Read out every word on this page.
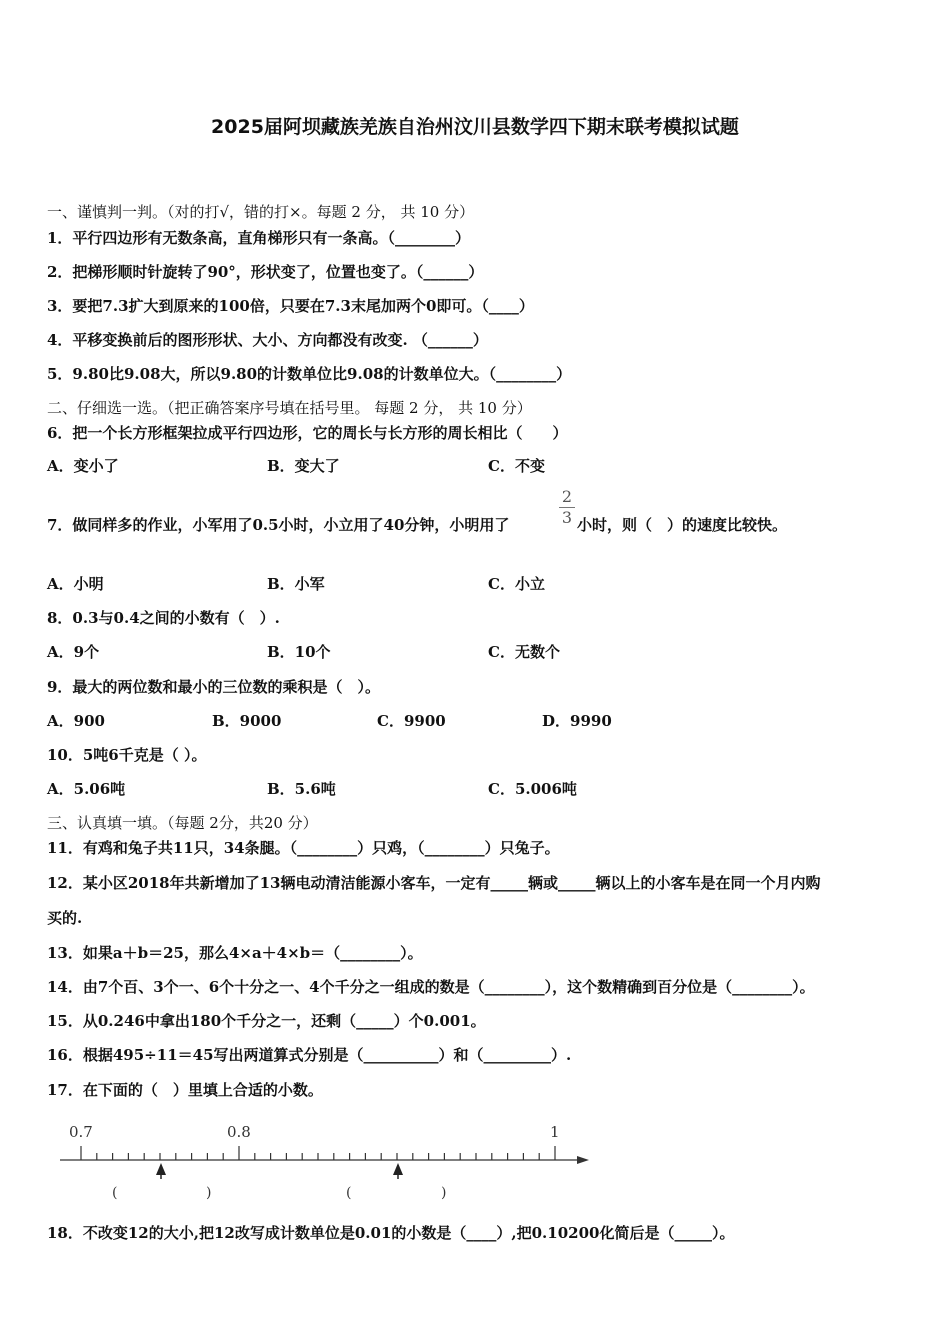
2025届阿坝藏族羌族自治州汶川县数学四下期末联考模拟试题
一、谨慎判一判。（对的打√，错的打×。每题 2 分， 共 10 分）
1．平行四边形有无数条高，直角梯形只有一条高。（________）
2．把梯形顺时针旋转了90°，形状变了，位置也变了。（______）
3．要把7.3扩大到原来的100倍，只要在7.3末尾加两个0即可。（____）
4．平移变换前后的图形形状、大小、方向都没有改变. （______）
5．9.80比9.08大，所以9.80的计数单位比9.08的计数单位大。（________）
二、仔细选一选。（把正确答案序号填在括号里。 每题 2 分， 共 10 分）
6．把一个长方形框架拉成平行四边形，它的周长与长方形的周长相比（　　）
A．变小了	B．变大了	C．不变
7．做同样多的作业，小军用了0.5小时，小立用了40分钟，小明用了
2
3 小时，则（　）的速度比较快。
A．小明	B．小军	C．小立
8．0.3与0.4之间的小数有（　）.
A．9个	B．10个	C．无数个
9．最大的两位数和最小的三位数的乘积是（　）。
A．900	B．9000	C．9900	D．9990
10．5吨6千克是（ ）。
A．5.06吨	B．5.6吨	C．5.006吨
三、认真填一填。（每题 2分，共20 分）
11．有鸡和兔子共11只，34条腿。（________）只鸡，（________）只兔子。
12．某小区2018年共新增加了13辆电动清洁能源小客车，一定有_____辆或_____辆以上的小客车是在同一个月内购
买的.
13．如果a＋b＝25，那么4×a＋4×b＝（________）。
14．由7个百、3个一、6个十分之一、4个千分之一组成的数是（________），这个数精确到百分位是（________）。
15．从0.246中拿出180个千分之一，还剩（_____）个0.001。
16．根据495÷11＝45写出两道算式分别是（__________）和（_________）.
17．在下面的（　）里填上合适的小数。
0.7	0.8	1
(	)	(	)
18．不改变12的大小,把12改写成计数单位是0.01的小数是（____）,把0.10200化简后是（_____）。
